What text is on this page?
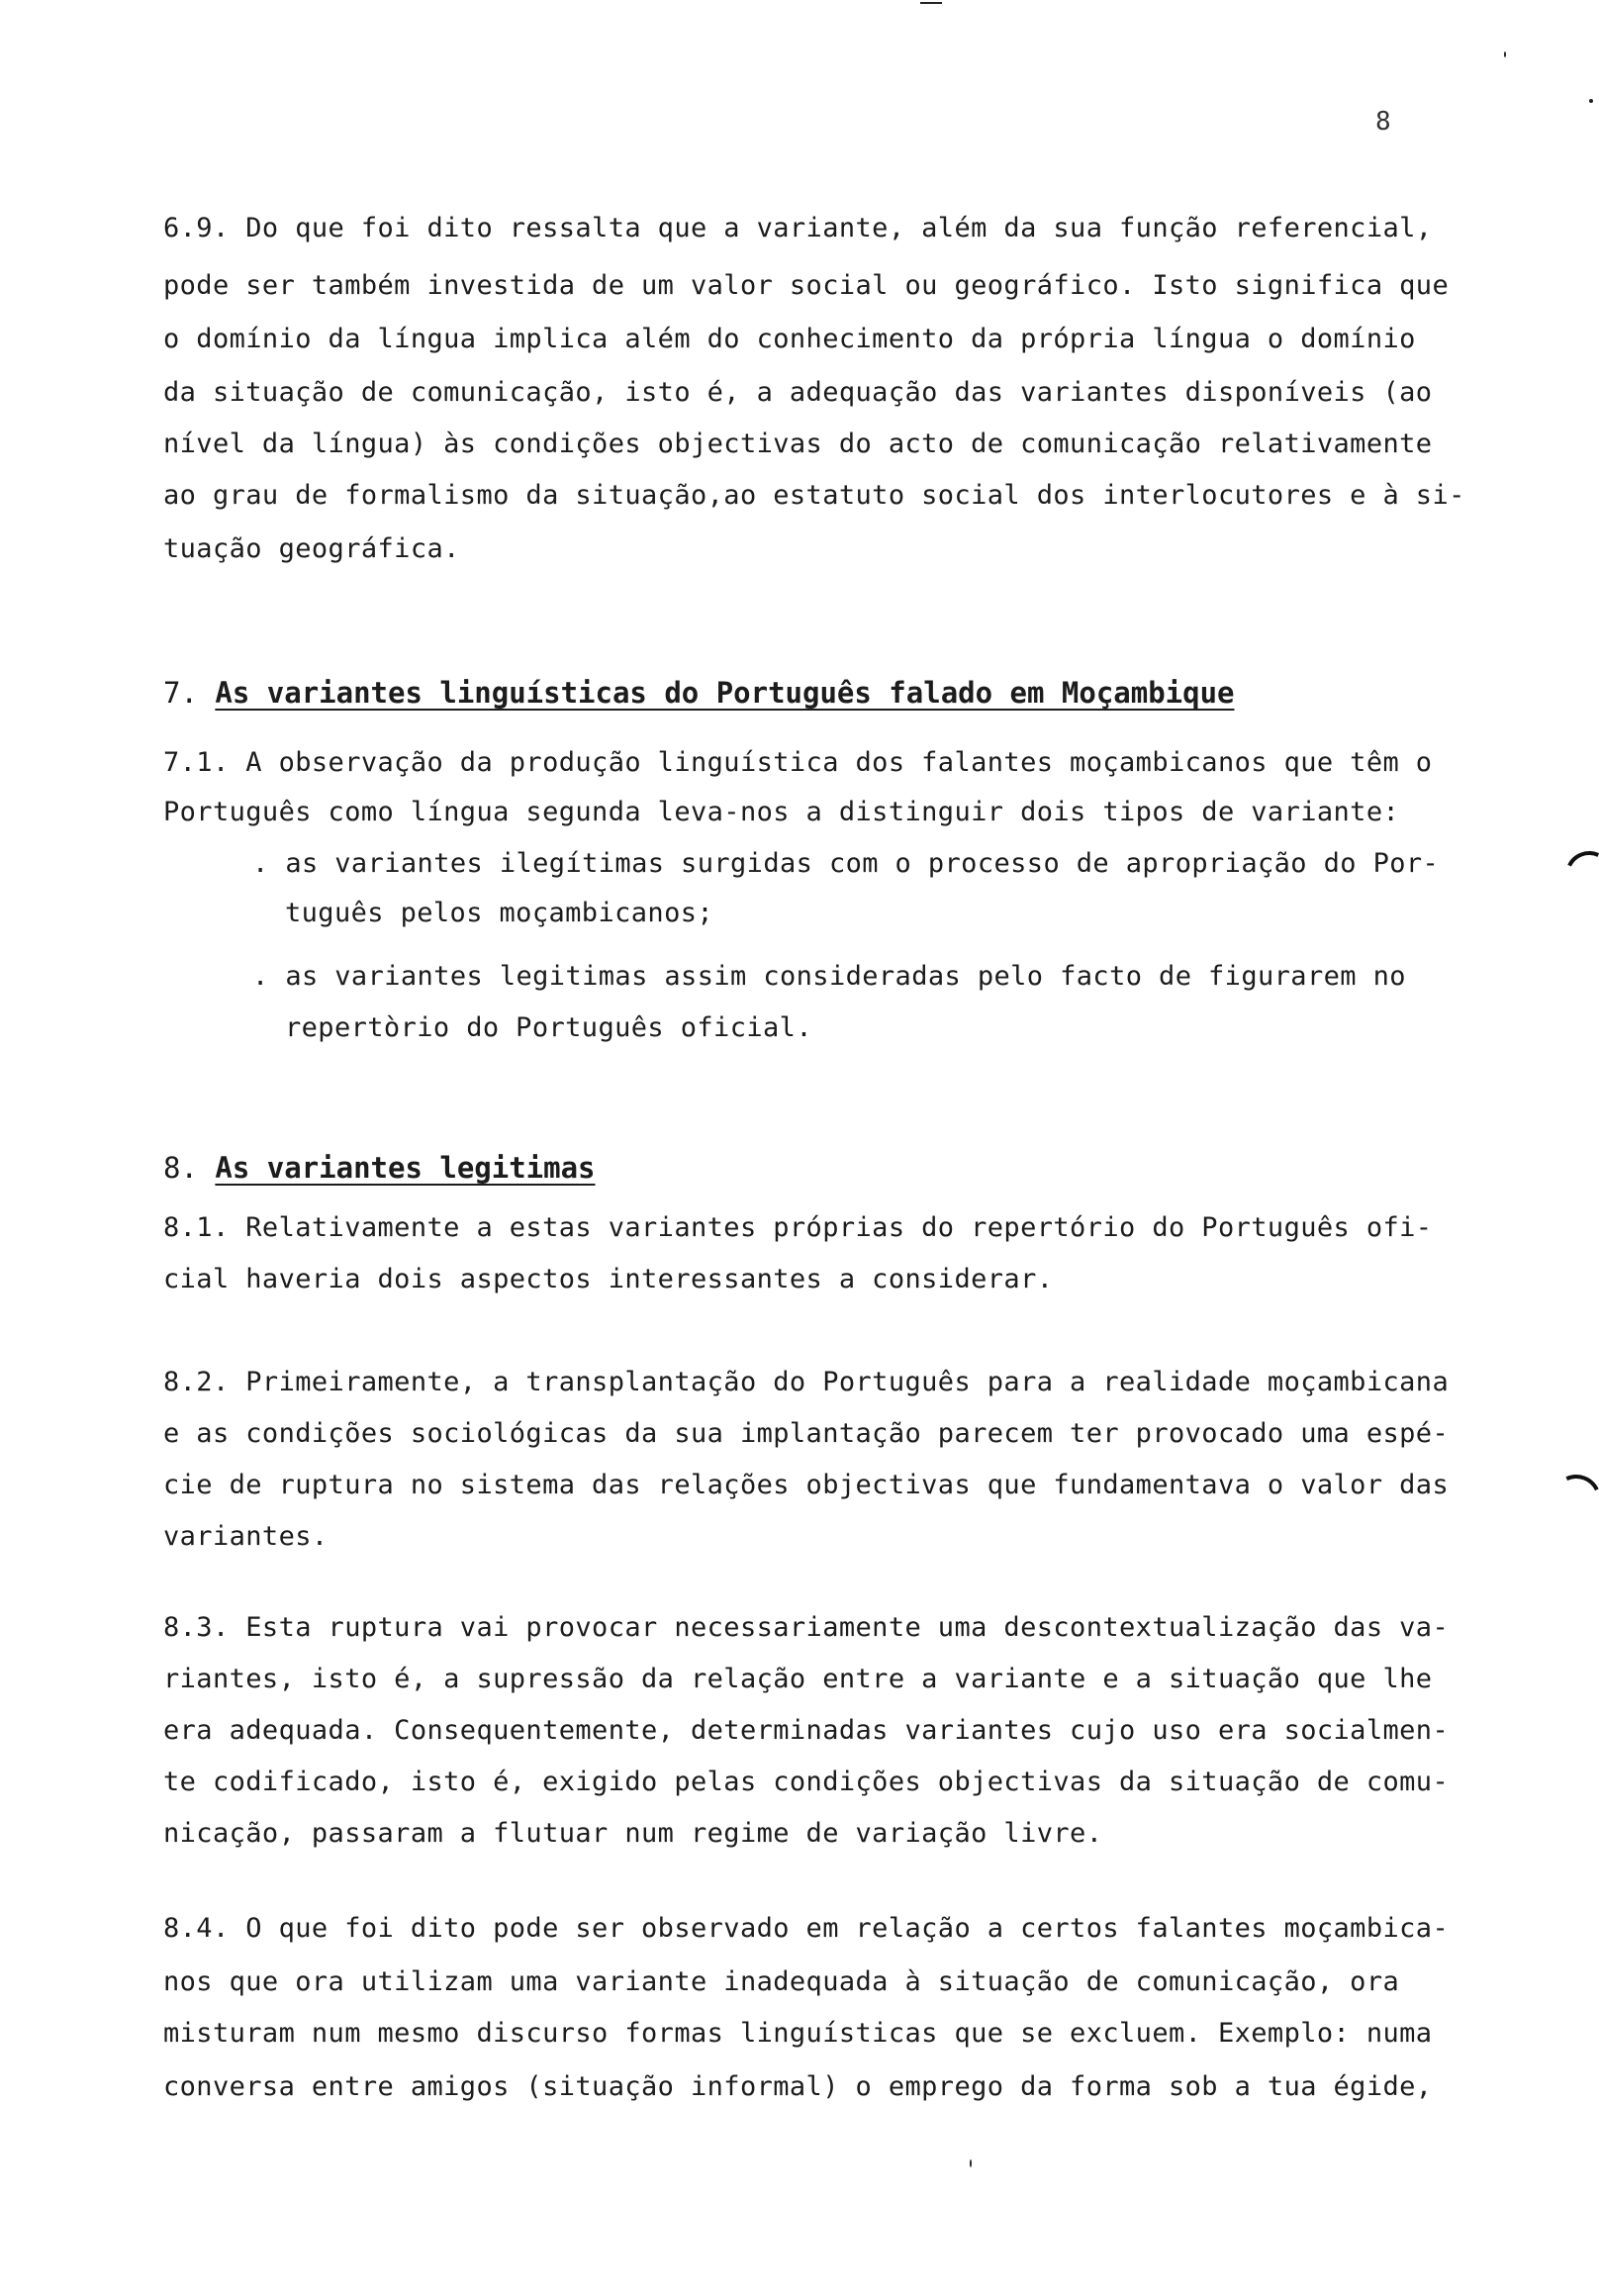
8
6.9. Do que foi dito ressalta que a variante, além da sua função referencial,
pode ser também investida de um valor social ou geográfico. Isto significa que
o domínio da língua implica além do conhecimento da própria língua o domínio
da situação de comunicação, isto é, a adequação das variantes disponíveis (ao
nível da língua) às condições objectivas do acto de comunicação relativamente
ao grau de formalismo da situação,ao estatuto social dos interlocutores e à si-
tuação geográfica.
7. As variantes linguísticas do Português falado em Moçambique
7.1. A observação da produção linguística dos falantes moçambicanos que têm o
Português como língua segunda leva-nos a distinguir dois tipos de variante:
. as variantes ilegítimas surgidas com o processo de apropriação do Por-
tuguês pelos moçambicanos;
. as variantes legitimas assim consideradas pelo facto de figurarem no
repertòrio do Português oficial.
8. As variantes legitimas
8.1. Relativamente a estas variantes próprias do repertório do Português ofi-
cial haveria dois aspectos interessantes a considerar.
8.2. Primeiramente, a transplantação do Português para a realidade moçambicana
e as condições sociológicas da sua implantação parecem ter provocado uma espé-
cie de ruptura no sistema das relações objectivas que fundamentava o valor das
variantes.
8.3. Esta ruptura vai provocar necessariamente uma descontextualização das va-
riantes, isto é, a supressão da relação entre a variante e a situação que lhe
era adequada. Consequentemente, determinadas variantes cujo uso era socialmen-
te codificado, isto é, exigido pelas condições objectivas da situação de comu-
nicação, passaram a flutuar num regime de variação livre.
8.4. O que foi dito pode ser observado em relação a certos falantes moçambica-
nos que ora utilizam uma variante inadequada à situação de comunicação, ora
misturam num mesmo discurso formas linguísticas que se excluem. Exemplo: numa
conversa entre amigos (situação informal) o emprego da forma sob a tua égide,
